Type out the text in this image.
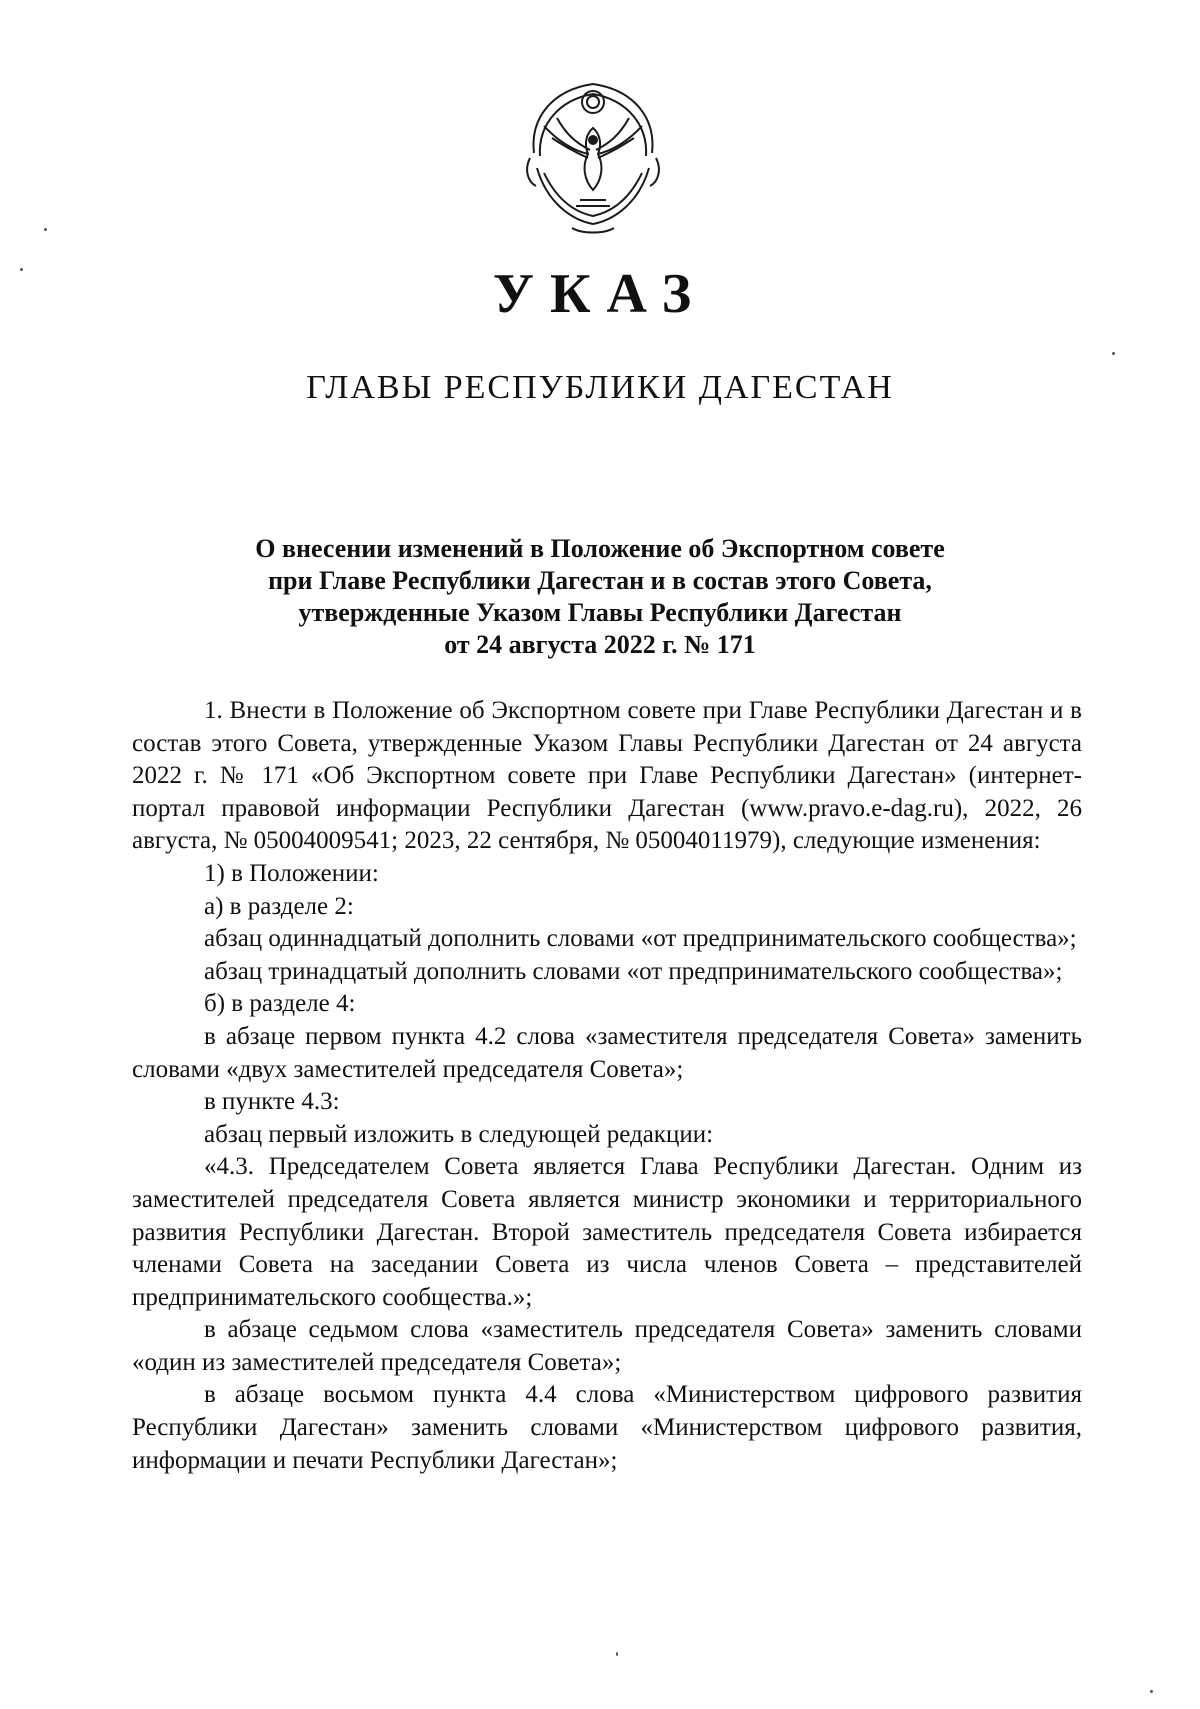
УКАЗ
ГЛАВЫ РЕСПУБЛИКИ ДАГЕСТАН
О внесении изменений в Положение об Экспортном совете
при Главе Республики Дагестан и в состав этого Совета,
утвержденные Указом Главы Республики Дагестан
от 24 августа 2022 г. № 171

1. Внести в Положение об Экспортном совете при Главе Республики Дагестан и в состав этого Совета, утвержденные Указом Главы Республики Дагестан от 24 августа 2022 г. № 171 «Об Экспортном совете при Главе Республики Дагестан» (интернет-портал правовой информации Республики Дагестан (www.pravo.e-dag.ru), 2022, 26 августа, № 05004009541; 2023, 22 сентября, № 05004011979), следующие изменения:

1) в Положении:

а) в разделе 2:

абзац одиннадцатый дополнить словами «от предпринимательского сообщества»;

абзац тринадцатый дополнить словами «от предпринимательского сообщества»;

б) в разделе 4:

в абзаце первом пункта 4.2 слова «заместителя председателя Совета» заменить словами «двух заместителей председателя Совета»;

в пункте 4.3:

абзац первый изложить в следующей редакции:

«4.3. Председателем Совета является Глава Республики Дагестан. Одним из заместителей председателя Совета является министр экономики и территориального развития Республики Дагестан. Второй заместитель председателя Совета избирается членами Совета на заседании Совета из числа членов Совета – представителей предпринимательского сообщества.»;

в абзаце седьмом слова «заместитель председателя Совета» заменить словами «один из заместителей председателя Совета»;

в абзаце восьмом пункта 4.4 слова «Министерством цифрового развития Республики Дагестан» заменить словами «Министерством цифрового развития, информации и печати Республики Дагестан»;
